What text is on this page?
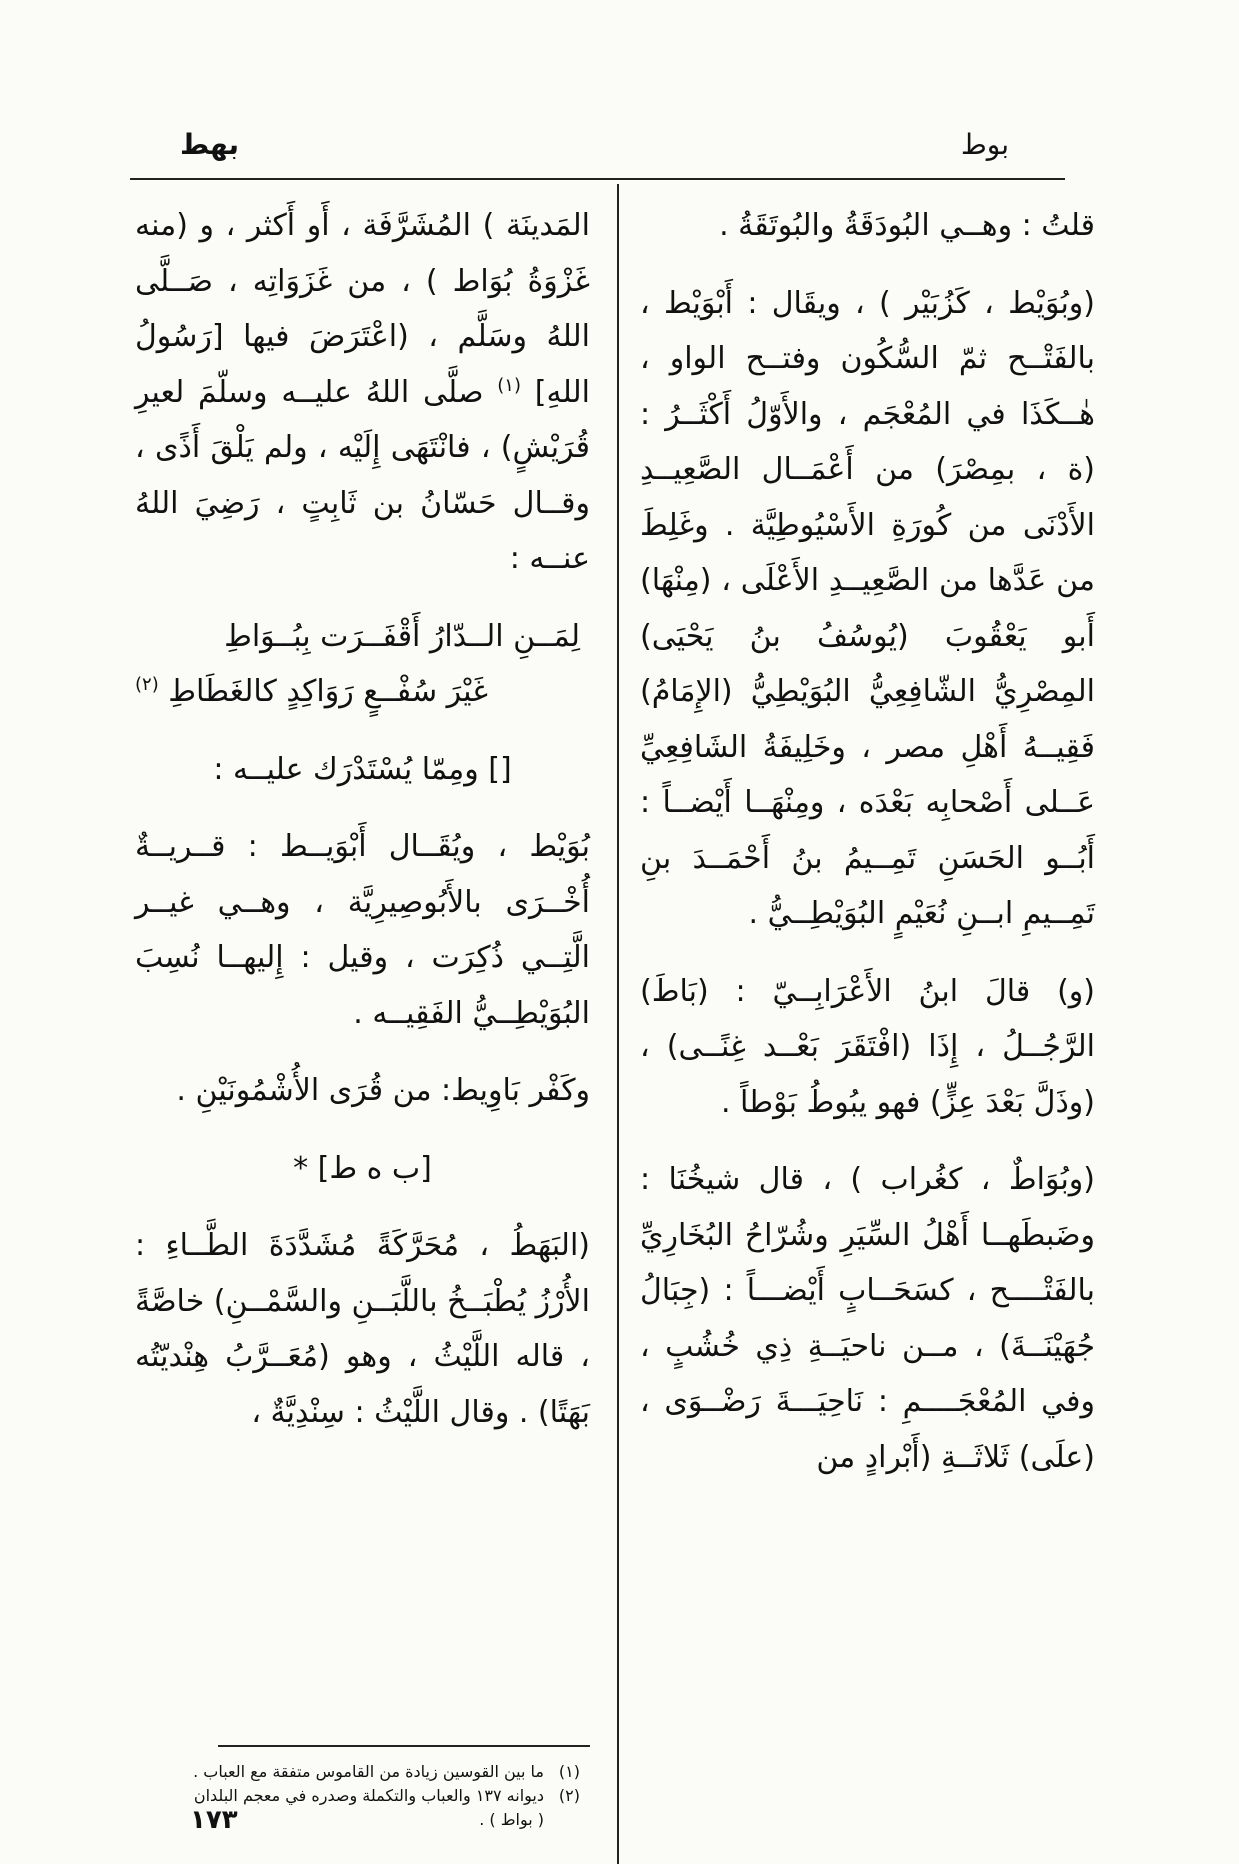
بوط
بهط

قلتُ : وهــي البُودَقَةُ والبُوتَقَةُ .

(وبُوَيْط ، كَزُبَيْر ) ، ويقَال : أَبْوَيْط ، بالفَتْــح ثمّ السُّكُون وفتــح الواو ، هٰــكَذَا في المُعْجَم ، والأَوّلُ أَكْثَــرُ : (ة ، بمِصْرَ) من أَعْمَــال الصَّعِيــدِ الأَدْنَى من كُورَةِ الأَسْيُوطِيَّة . وغَلِطَ من عَدَّها من الصَّعِيــدِ الأَعْلَى ، (مِنْهَا) أَبو يَعْقُوبَ (يُوسُفُ بنُ يَحْيَى) المِصْرِيُّ الشّافِعِيُّ البُوَيْطِيُّ (الإِمَامُ) فَقِيــهُ أَهْلِ مصر ، وخَلِيفَةُ الشَافِعِيِّ عَــلى أَصْحابِه بَعْدَه ، ومِنْهَــا أَيْضــاً : أَبُــو الحَسَنِ تَمِــيمُ بنُ أَحْمَــدَ بنِ تَمِــيمِ ابــنِ نُعَيْمٍ البُوَيْطِــيُّ .

(و) قالَ ابنُ الأَعْرَابِــيّ : (بَاطَ) الرَّجُــلُ ، إِذَا (افْتَقَرَ بَعْــد غِنًــى) ، (وذَلَّ بَعْدَ عِزٍّ) فهو يبُوطُ بَوْطاً .

(وبُوَاطٌ ، كغُراب ) ، قال شيخُنَا : وضَبطَهــا أَهْلُ السِّيَرِ وشُرّاحُ البُخَارِيِّ بالفَتْــــح ، كسَحَــابٍ أَيْضـــاً : (جِبَالُ جُهَيْنَــةَ) ، مــن ناحيَــةِ ذِي خُشُبٍ ، وفي المُعْجَــــمِ : نَاحِيَـــةَ رَضْــوَى ، (علَى) ثَلاثَــةِ (أَبْرادٍ من

المَدينَة ) المُشَرَّفَة ، أَو أَكثر ، و (منه غَزْوَةُ بُوَاط ) ، من غَزَوَاتِه ، صَــلَّى اللهُ وسَلَّم ، (اعْتَرَضَ فيها [رَسُولُ اللهِ] $^{(١)}$ صلَّى اللهُ عليــه وسلّمَ لعيرِ قُرَيْشٍ) ، فانْتَهَى إِلَيْه ، ولم يَلْقَ أَذًى ، وقــال حَسّانُ بن ثَابِتٍ ، رَضِيَ اللهُ عنــه :

لِمَــنِ الــدّارُ أَقْفَــرَت بِبُــوَاطِ

غَيْرَ سُفْــعٍ رَوَاكِدٍ كالغَطَاطِ $^{(٢)}$

[] ومِمّا يُسْتَدْرَك عليــه :

بُوَيْط ، ويُقَــال أَبْوَيــط : قــريــةٌ أُخْــرَى بالأَبُوصِيرِيَّة ، وهــي غيــر الَّتِــي ذُكِرَت ، وقيل : إِليهــا نُسِبَ البُوَيْطِــيُّ الفَقِيــه .

وكَفْر بَاوِيط: من قُرَى الأُشْمُونَيْنِ .

[ب ه ط] *

(البَهَطُ ، مُحَرَّكَةً مُشَدَّدَةَ الطَّــاءِ : الأُرْزُ يُطْبَــخُ باللَّبَــنِ والسَّمْــنِ) خاصَّةً ، قاله اللَّيْثُ ، وهو (مُعَــرَّبُ هِنْديّتُه بَهَتًا) . وقال اللَّيْثُ : سِنْدِيَّةٌ ،

(١)ما بين القوسين زيادة من القاموس متفقة مع العباب .

(٢)ديوانه ١٣٧ والعباب والتكملة وصدره في معجم البلدان

( بواط ) .

١٧٣
